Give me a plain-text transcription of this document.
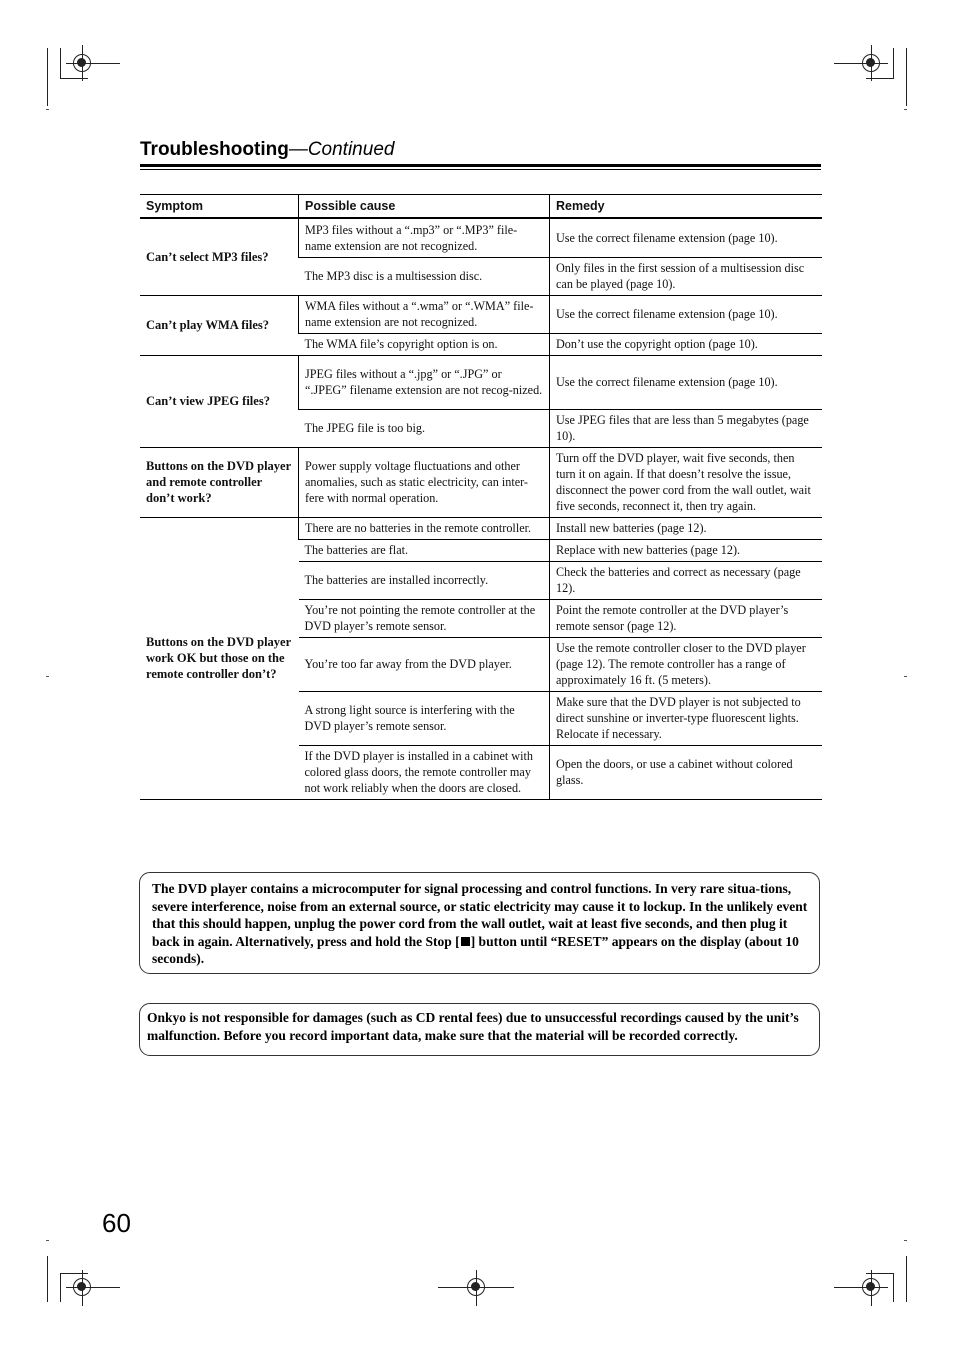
Troubleshooting—Continued
Symptom	Possible cause	Remedy
Can’t select MP3 files?	MP3 files without a “.mp3” or “.MP3” file-name extension are not recognized.	Use the correct filename extension (page 10).
	The MP3 disc is a multisession disc.	Only files in the first session of a multisession disc can be played (page 10).
Can’t play WMA files?	WMA files without a “.wma” or “.WMA” file-name extension are not recognized.	Use the correct filename extension (page 10).
	The WMA file’s copyright option is on.	Don’t use the copyright option (page 10).
Can’t view JPEG files?	JPEG files without a “.jpg” or “.JPG” or “.JPEG” filename extension are not recog-nized.	Use the correct filename extension (page 10).
	The JPEG file is too big.	Use JPEG files that are less than 5 megabytes (page 10).
Buttons on the DVD player and remote controller don’t work?	Power supply voltage fluctuations and other anomalies, such as static electricity, can inter-fere with normal operation.	Turn off the DVD player, wait five seconds, then turn it on again. If that doesn’t resolve the issue, disconnect the power cord from the wall outlet, wait five seconds, reconnect it, then try again.
Buttons on the DVD player work OK but those on the remote controller don’t?	There are no batteries in the remote controller.	Install new batteries (page 12).
	The batteries are flat.	Replace with new batteries (page 12).
	The batteries are installed incorrectly.	Check the batteries and correct as necessary (page 12).
	You’re not pointing the remote controller at the DVD player’s remote sensor.	Point the remote controller at the DVD player’s remote sensor (page 12).
	You’re too far away from the DVD player.	Use the remote controller closer to the DVD player (page 12). The remote controller has a range of approximately 16 ft. (5 meters).
	A strong light source is interfering with the DVD player’s remote sensor.	Make sure that the DVD player is not subjected to direct sunshine or inverter-type fluorescent lights. Relocate if necessary.
	If the DVD player is installed in a cabinet with colored glass doors, the remote controller may not work reliably when the doors are closed.	Open the doors, or use a cabinet without colored glass.
The DVD player contains a microcomputer for signal processing and control functions. In very rare situa-tions, severe interference, noise from an external source, or static electricity may cause it to lockup. In the unlikely event that this should happen, unplug the power cord from the wall outlet, wait at least five seconds, and then plug it back in again. Alternatively, press and hold the Stop [ ] button until “RESET” appears on the display (about 10 seconds).
Onkyo is not responsible for damages (such as CD rental fees) due to unsuccessful recordings caused by the unit’s malfunction. Before you record important data, make sure that the material will be recorded correctly.
60
